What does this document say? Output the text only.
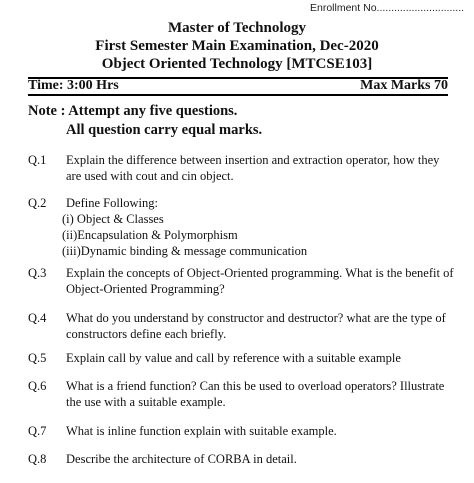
Enrollment No..............................
Master of Technology
First Semester Main Examination, Dec-2020
Object Oriented Technology [MTCSE103]
Time: 3:00 Hrs	Max Marks 70
Note : Attempt any five questions.
All question carry equal marks.
Q.1 Explain the difference between insertion and extraction operator, how they are used with cout and cin object.
Q.2 Define Following:
(i) Object & Classes
(ii)Encapsulation & Polymorphism
(iii)Dynamic binding & message communication
Q.3 Explain the concepts of Object-Oriented programming. What is the benefit of Object-Oriented Programming?
Q.4 What do you understand by constructor and destructor? what are the type of constructors define each briefly.
Q.5 Explain call by value and call by reference with a suitable example
Q.6 What is a friend function? Can this be used to overload operators? Illustrate the use with a suitable example.
Q.7 What is inline function explain with suitable example.
Q.8 Describe the architecture of CORBA in detail.
